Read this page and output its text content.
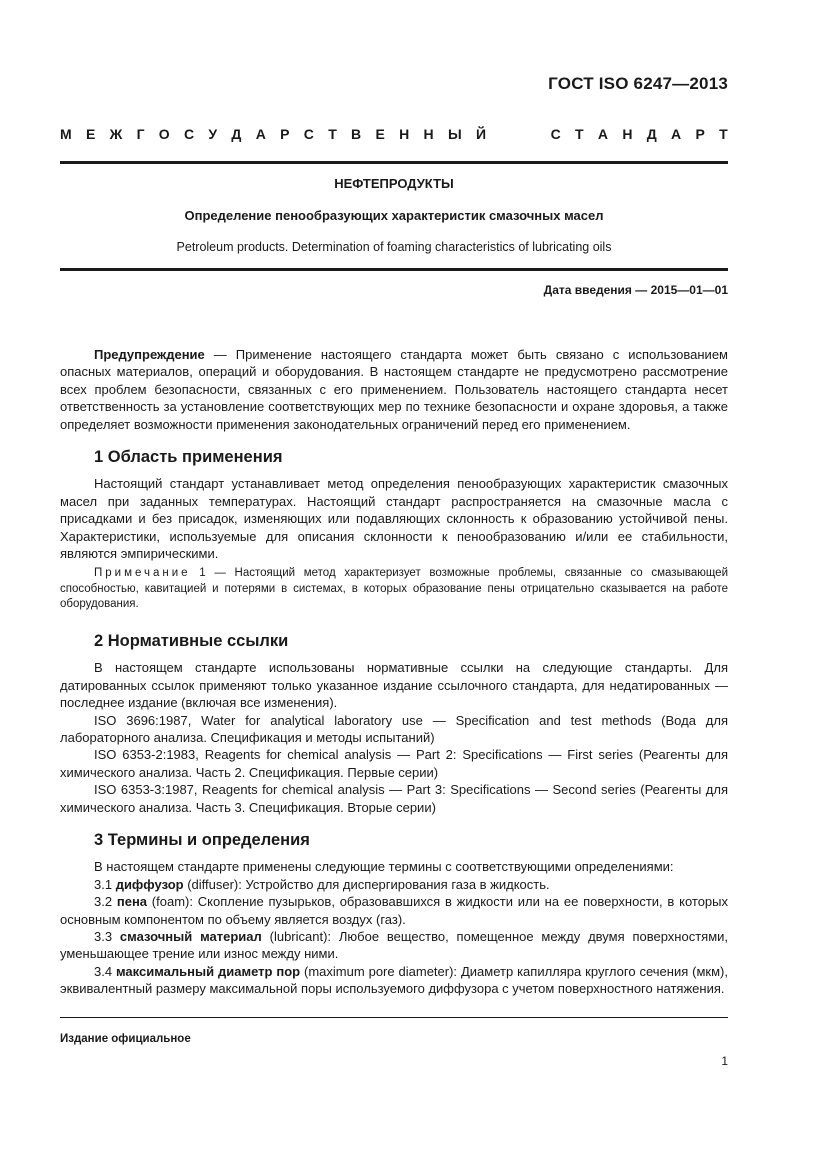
ГОСТ ISO 6247—2013
М Е Ж Г О С У Д А Р С Т В Е Н Н Ы Й	С Т А Н Д А Р Т
НЕФТЕПРОДУКТЫ
Определение пенообразующих характеристик смазочных масел
Petroleum products. Determination of foaming characteristics of lubricating oils
Дата введения — 2015—01—01

Предупреждение — Применение настоящего стандарта может быть связано с использованием опасных материалов, операций и оборудования. В настоящем стандарте не предусмотрено рассмотрение всех проблем безопасности, связанных с его применением. Пользователь настоящего стандарта несет ответственность за установление соответствующих мер по технике безопасности и охране здоровья, а также определяет возможности применения законодательных ограничений перед его применением.

1 Область применения

Настоящий стандарт устанавливает метод определения пенообразующих характеристик смазочных масел при заданных температурах. Настоящий стандарт распространяется на смазочные масла с присадками и без присадок, изменяющих или подавляющих склонность к образованию устойчивой пены. Характеристики, используемые для описания склонности к пенообразованию и/или ее стабильности, являются эмпирическими.

Примечание 1 — Настоящий метод характеризует возможные проблемы, связанные со смазывающей способностью, кавитацией и потерями в системах, в которых образование пены отрицательно сказывается на работе оборудования.

2 Нормативные ссылки

В настоящем стандарте использованы нормативные ссылки на следующие стандарты. Для датированных ссылок применяют только указанное издание ссылочного стандарта, для недатированных — последнее издание (включая все изменения).

ISO 3696:1987, Water for analytical laboratory use — Specification and test methods (Вода для лабораторного анализа. Спецификация и методы испытаний)

ISO 6353-2:1983, Reagents for chemical analysis — Part 2: Specifications — First series (Реагенты для химического анализа. Часть 2. Спецификация. Первые серии)

ISO 6353-3:1987, Reagents for chemical analysis — Part 3: Specifications — Second series (Реагенты для химического анализа. Часть 3. Спецификация. Вторые серии)

3 Термины и определения

В настоящем стандарте применены следующие термины с соответствующими определениями:

3.1 диффузор (diffuser): Устройство для диспергирования газа в жидкость.

3.2 пена (foam): Скопление пузырьков, образовавшихся в жидкости или на ее поверхности, в которых основным компонентом по объему является воздух (газ).

3.3 смазочный материал (lubricant): Любое вещество, помещенное между двумя поверхностями, уменьшающее трение или износ между ними.

3.4 максимальный диаметр пор (maximum pore diameter): Диаметр капилляра круглого сечения (мкм), эквивалентный размеру максимальной поры используемого диффузора с учетом поверхностного натяжения.

Издание официальное
1
